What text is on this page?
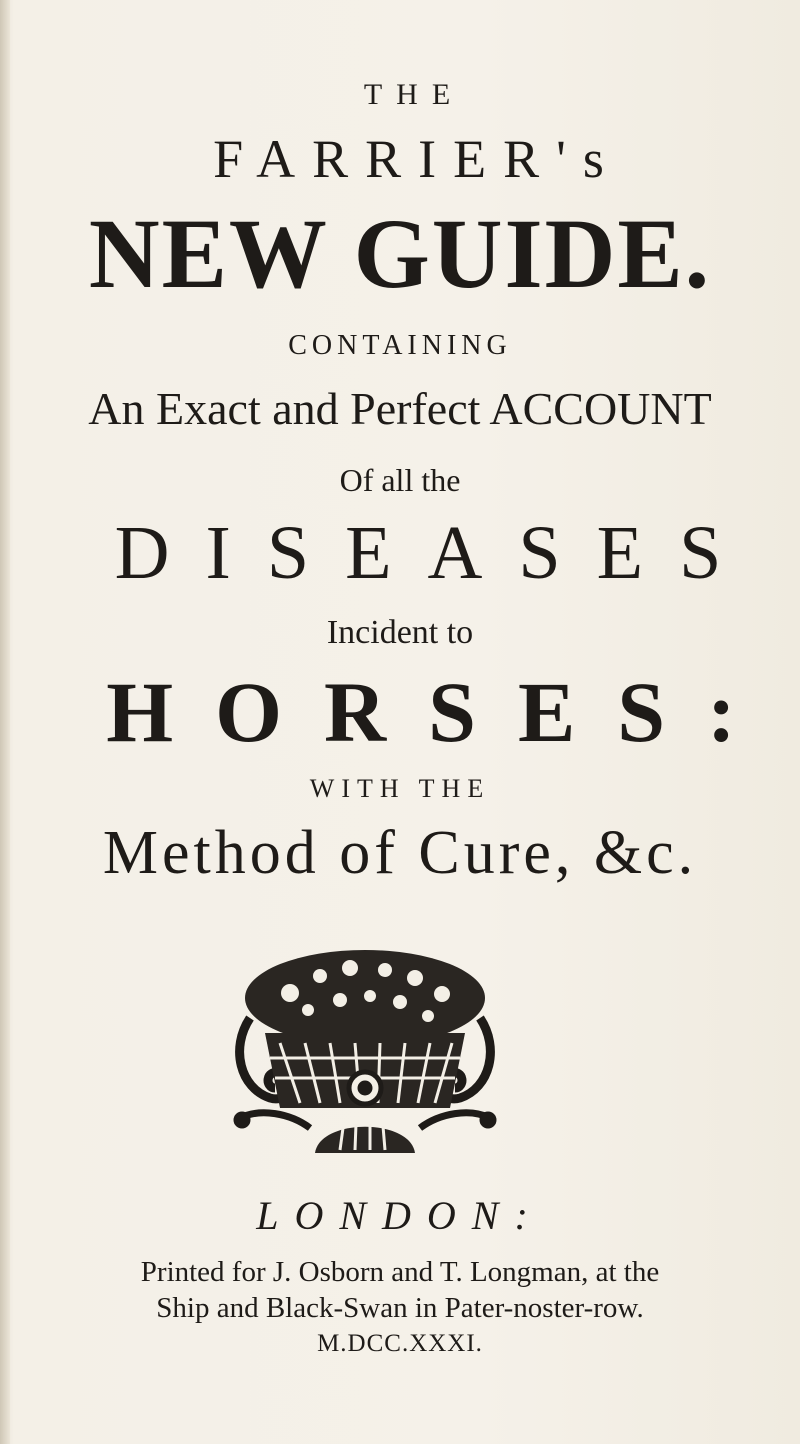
THE
FARRIER's
NEW GUIDE.
CONTAINING
An Exact and Perfect ACCOUNT
Of all the
DISEASES
Incident to
HORSES:
WITH THE
Method of Cure, &c.
LONDON:
Printed for J. Osborn and T. Longman, at the
Ship and Black-Swan in Pater-noster-row.
M.DCC.XXXI.
